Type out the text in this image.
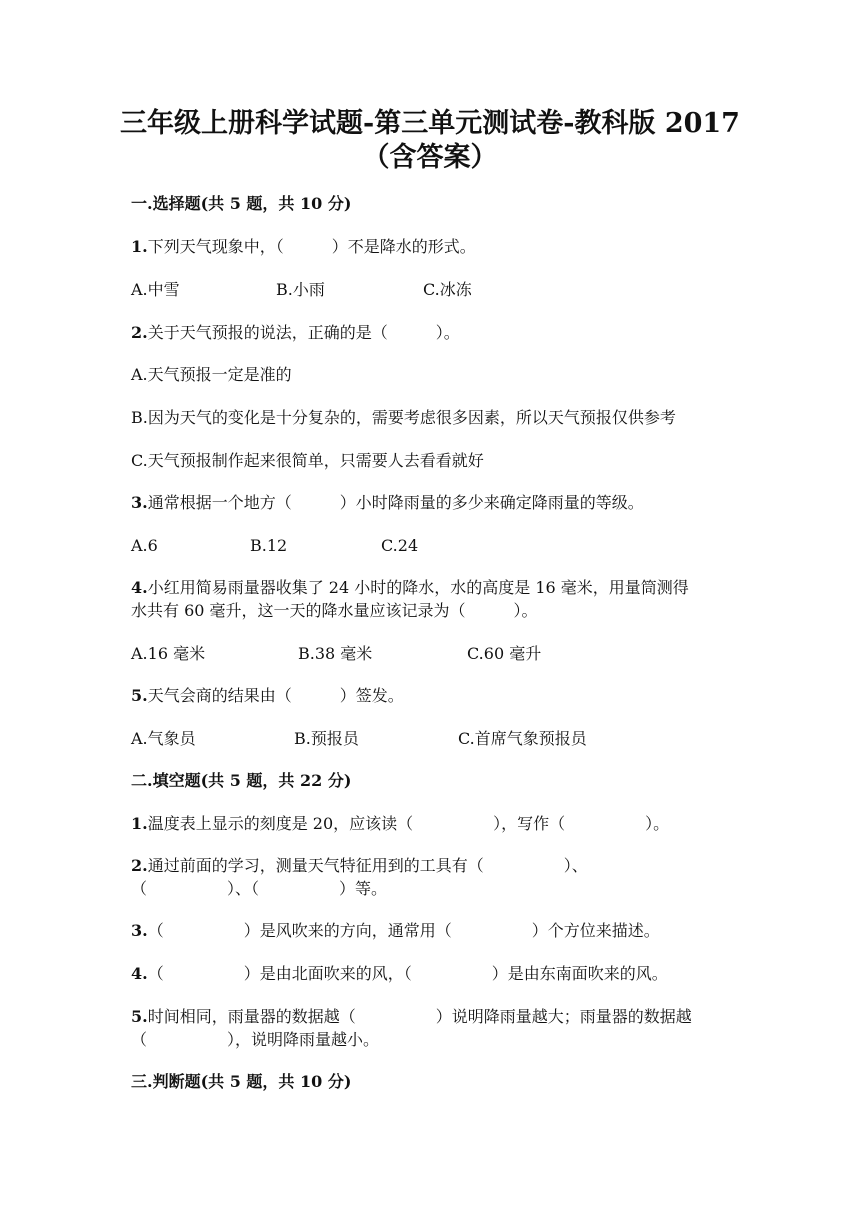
三年级上册科学试题-第三单元测试卷-教科版 2017
（含答案）
一.选择题(共 5 题，共 10 分)
1.下列天气现象中，（　　　）不是降水的形式。
A.中雪	B.小雨	C.冰冻
2.关于天气预报的说法，正确的是（　　　）。
A.天气预报一定是准的
B.因为天气的变化是十分复杂的，需要考虑很多因素，所以天气预报仅供参考
C.天气预报制作起来很简单，只需要人去看看就好
3.通常根据一个地方（　　　）小时降雨量的多少来确定降雨量的等级。
A.6	B.12	C.24
4.小红用简易雨量器收集了 24 小时的降水，水的高度是 16 毫米，用量筒测得
水共有 60 毫升，这一天的降水量应该记录为（　　　）。
A.16 毫米	B.38 毫米	C.60 毫升
5.天气会商的结果由（　　　）签发。
A.气象员	B.预报员	C.首席气象预报员
二.填空题(共 5 题，共 22 分)
1.温度表上显示的刻度是 20，应该读（　　　　　），写作（　　　　　）。
2.通过前面的学习，测量天气特征用到的工具有（　　　　　）、
（　　　　　）、（　　　　　）等。
3.（　　　　　）是风吹来的方向，通常用（　　　　　）个方位来描述。
4.（　　　　　）是由北面吹来的风，（　　　　　）是由东南面吹来的风。
5.时间相同，雨量器的数据越（　　　　　）说明降雨量越大；雨量器的数据越
（　　　　　），说明降雨量越小。
三.判断题(共 5 题，共 10 分)
